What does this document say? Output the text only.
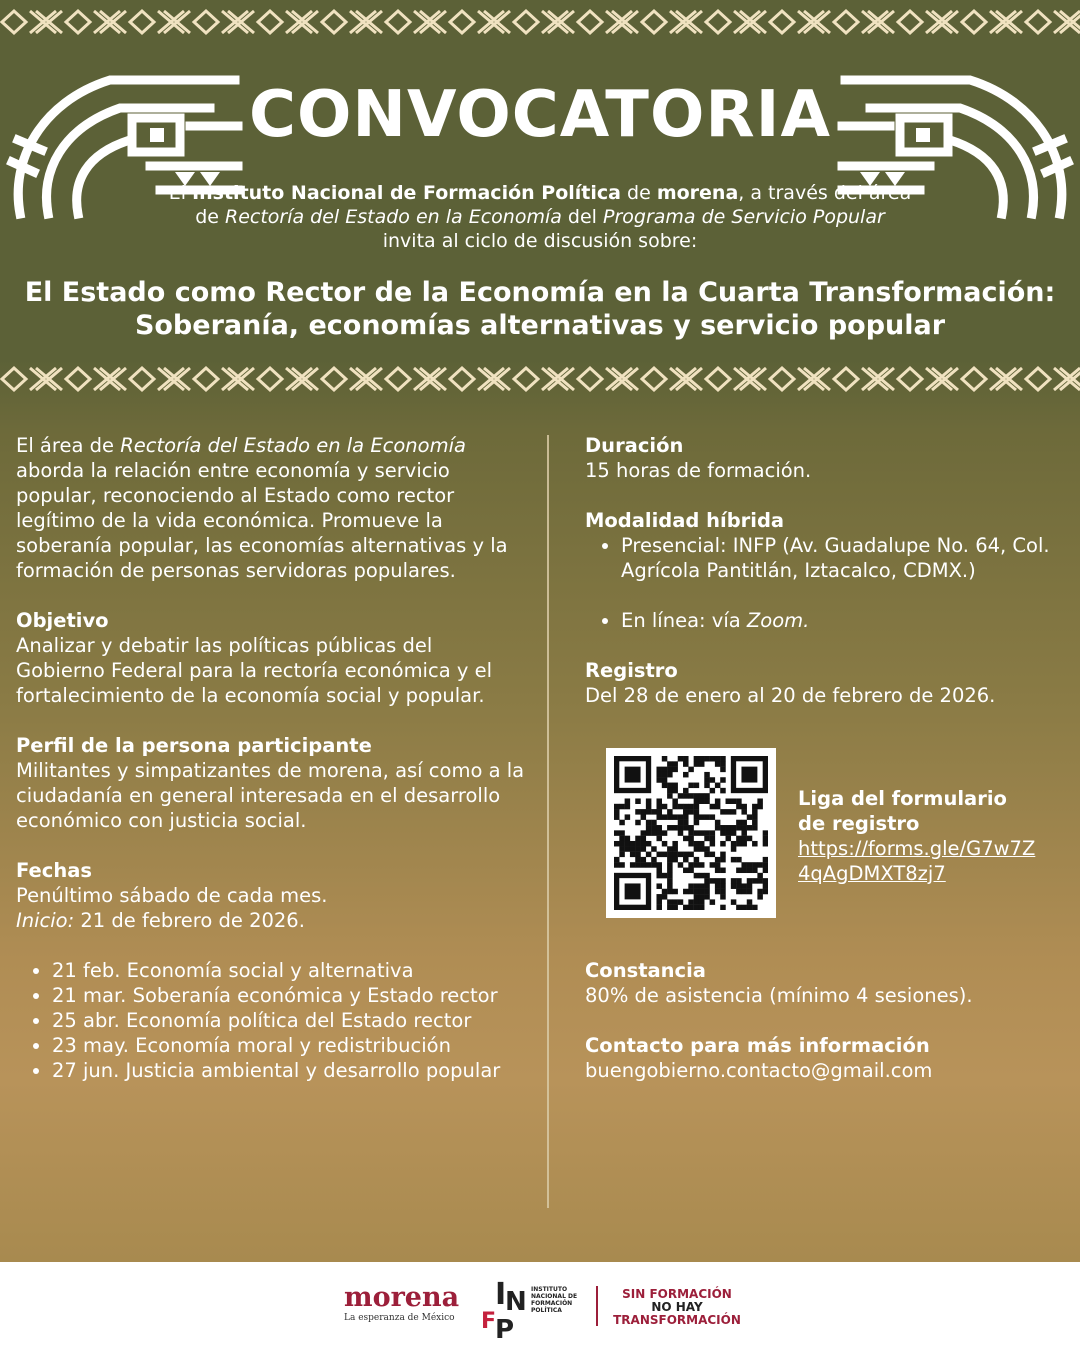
CONVOCATORIA
El Instituto Nacional de Formación Política de morena, a través del área
de Rectoría del Estado en la Economía del Programa de Servicio Popular
invita al ciclo de discusión sobre:
El Estado como Rector de la Economía en la Cuarta Transformación:
Soberanía, economías alternativas y servicio popular

El área de Rectoría del Estado en la Economía aborda la relación entre economía y servicio popular, reconociendo al Estado como rector legítimo de la vida económica. Promueve la soberanía popular, las economías alternativas y la formación de personas servidoras populares.

Objetivo

Analizar y debatir las políticas públicas del Gobierno Federal para la rectoría económica y el fortalecimiento de la economía social y popular.

Perfil de la persona participante

Militantes y simpatizantes de morena, así como a la ciudadanía en general interesada en el desarrollo económico con justicia social.

Fechas

Penúltimo sábado de cada mes.

Inicio: 21 de febrero de 2026.

• 21 feb. Economía social y alternativa
• 21 mar. Soberanía económica y Estado rector
• 25 abr. Economía política del Estado rector
• 23 may. Economía moral y redistribución
• 27 jun. Justicia ambiental y desarrollo popular
Duración

15 horas de formación.

Modalidad híbrida
• Presencial: INFP (Av. Guadalupe No. 64, Col. Agrícola Pantitlán, Iztacalco, CDMX.)
• En línea: vía Zoom.
Registro

Del 28 de enero al 20 de febrero de 2026.

Liga del formulario de registro
https://forms.gle/G7w7Z4qAgDMXT8zj7
Constancia

80% de asistencia (mínimo 4 sesiones).

Contacto para más información

buengobierno.contacto@gmail.com

morena
La esperanza de México
I
N
F
P
INSTITUTO NACIONAL DE FORMACIÓN POLÍTICA
SIN FORMACIÓN
NO HAY
TRANSFORMACIÓN
